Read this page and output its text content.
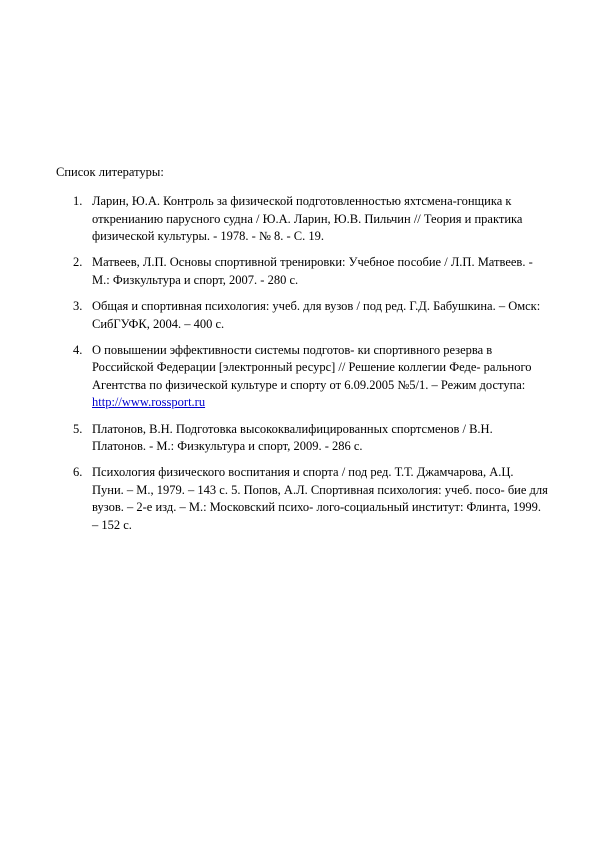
Список литературы:
1. Ларин, Ю.А. Контроль за физической подготовленностью яхтсмена-гонщика к откренианию парусного судна / Ю.А. Ларин, Ю.В. Пильчин // Теория и практика физической культуры. - 1978. - № 8. - С. 19.
2. Матвеев, Л.П. Основы спортивной тренировки: Учебное пособие / Л.П. Матвеев. - М.: Физкультура и спорт, 2007. - 280 с.
3. Общая и спортивная психология: учеб. для вузов / под ред. Г.Д. Бабушкина. – Омск: СибГУФК, 2004. – 400 с.
4. О повышении эффективности системы подготов- ки спортивного резерва в Российской Федерации [электронный ресурс] // Решение коллегии Феде- рального Агентства по физической культуре и спорту от 6.09.2005 №5/1. – Режим доступа: http://www.rossport.ru
5. Платонов, В.Н. Подготовка высококвалифицированных спортсменов / В.Н. Платонов. - М.: Физкультура и спорт, 2009. - 286 с.
6. Психология физического воспитания и спорта / под ред. Т.Т. Джамчарова, А.Ц. Пуни. – М., 1979. – 143 с. 5. Попов, А.Л. Спортивная психология: учеб. посо- бие для вузов. – 2-е изд. – М.: Московский психо- лого-социальный институт: Флинта, 1999. – 152 с.
